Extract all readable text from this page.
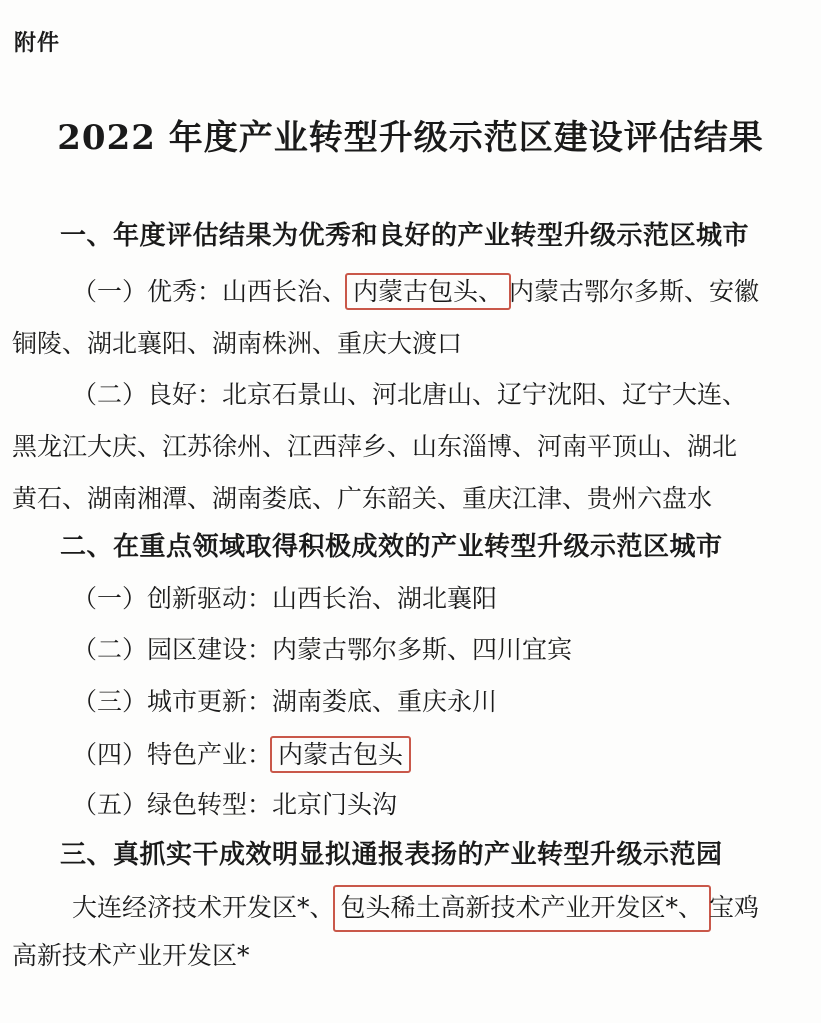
附件
2022 年度产业转型升级示范区建设评估结果
一、年度评估结果为优秀和良好的产业转型升级示范区城市
（一）优秀：山西长治、 内蒙古包头、 内蒙古鄂尔多斯、安徽
铜陵、湖北襄阳、湖南株洲、重庆大渡口
（二）良好：北京石景山、河北唐山、辽宁沈阳、辽宁大连、
黑龙江大庆、江苏徐州、江西萍乡、山东淄博、河南平顶山、湖北
黄石、湖南湘潭、湖南娄底、广东韶关、重庆江津、贵州六盘水
二、在重点领域取得积极成效的产业转型升级示范区城市
（一）创新驱动：山西长治、湖北襄阳
（二）园区建设：内蒙古鄂尔多斯、四川宜宾
（三）城市更新：湖南娄底、重庆永川
（四）特色产业： 内蒙古包头
（五）绿色转型：北京门头沟
三、真抓实干成效明显拟通报表扬的产业转型升级示范园
大连经济技术开发区*、 包头稀土高新技术产业开发区*、 宝鸡
高新技术产业开发区*
